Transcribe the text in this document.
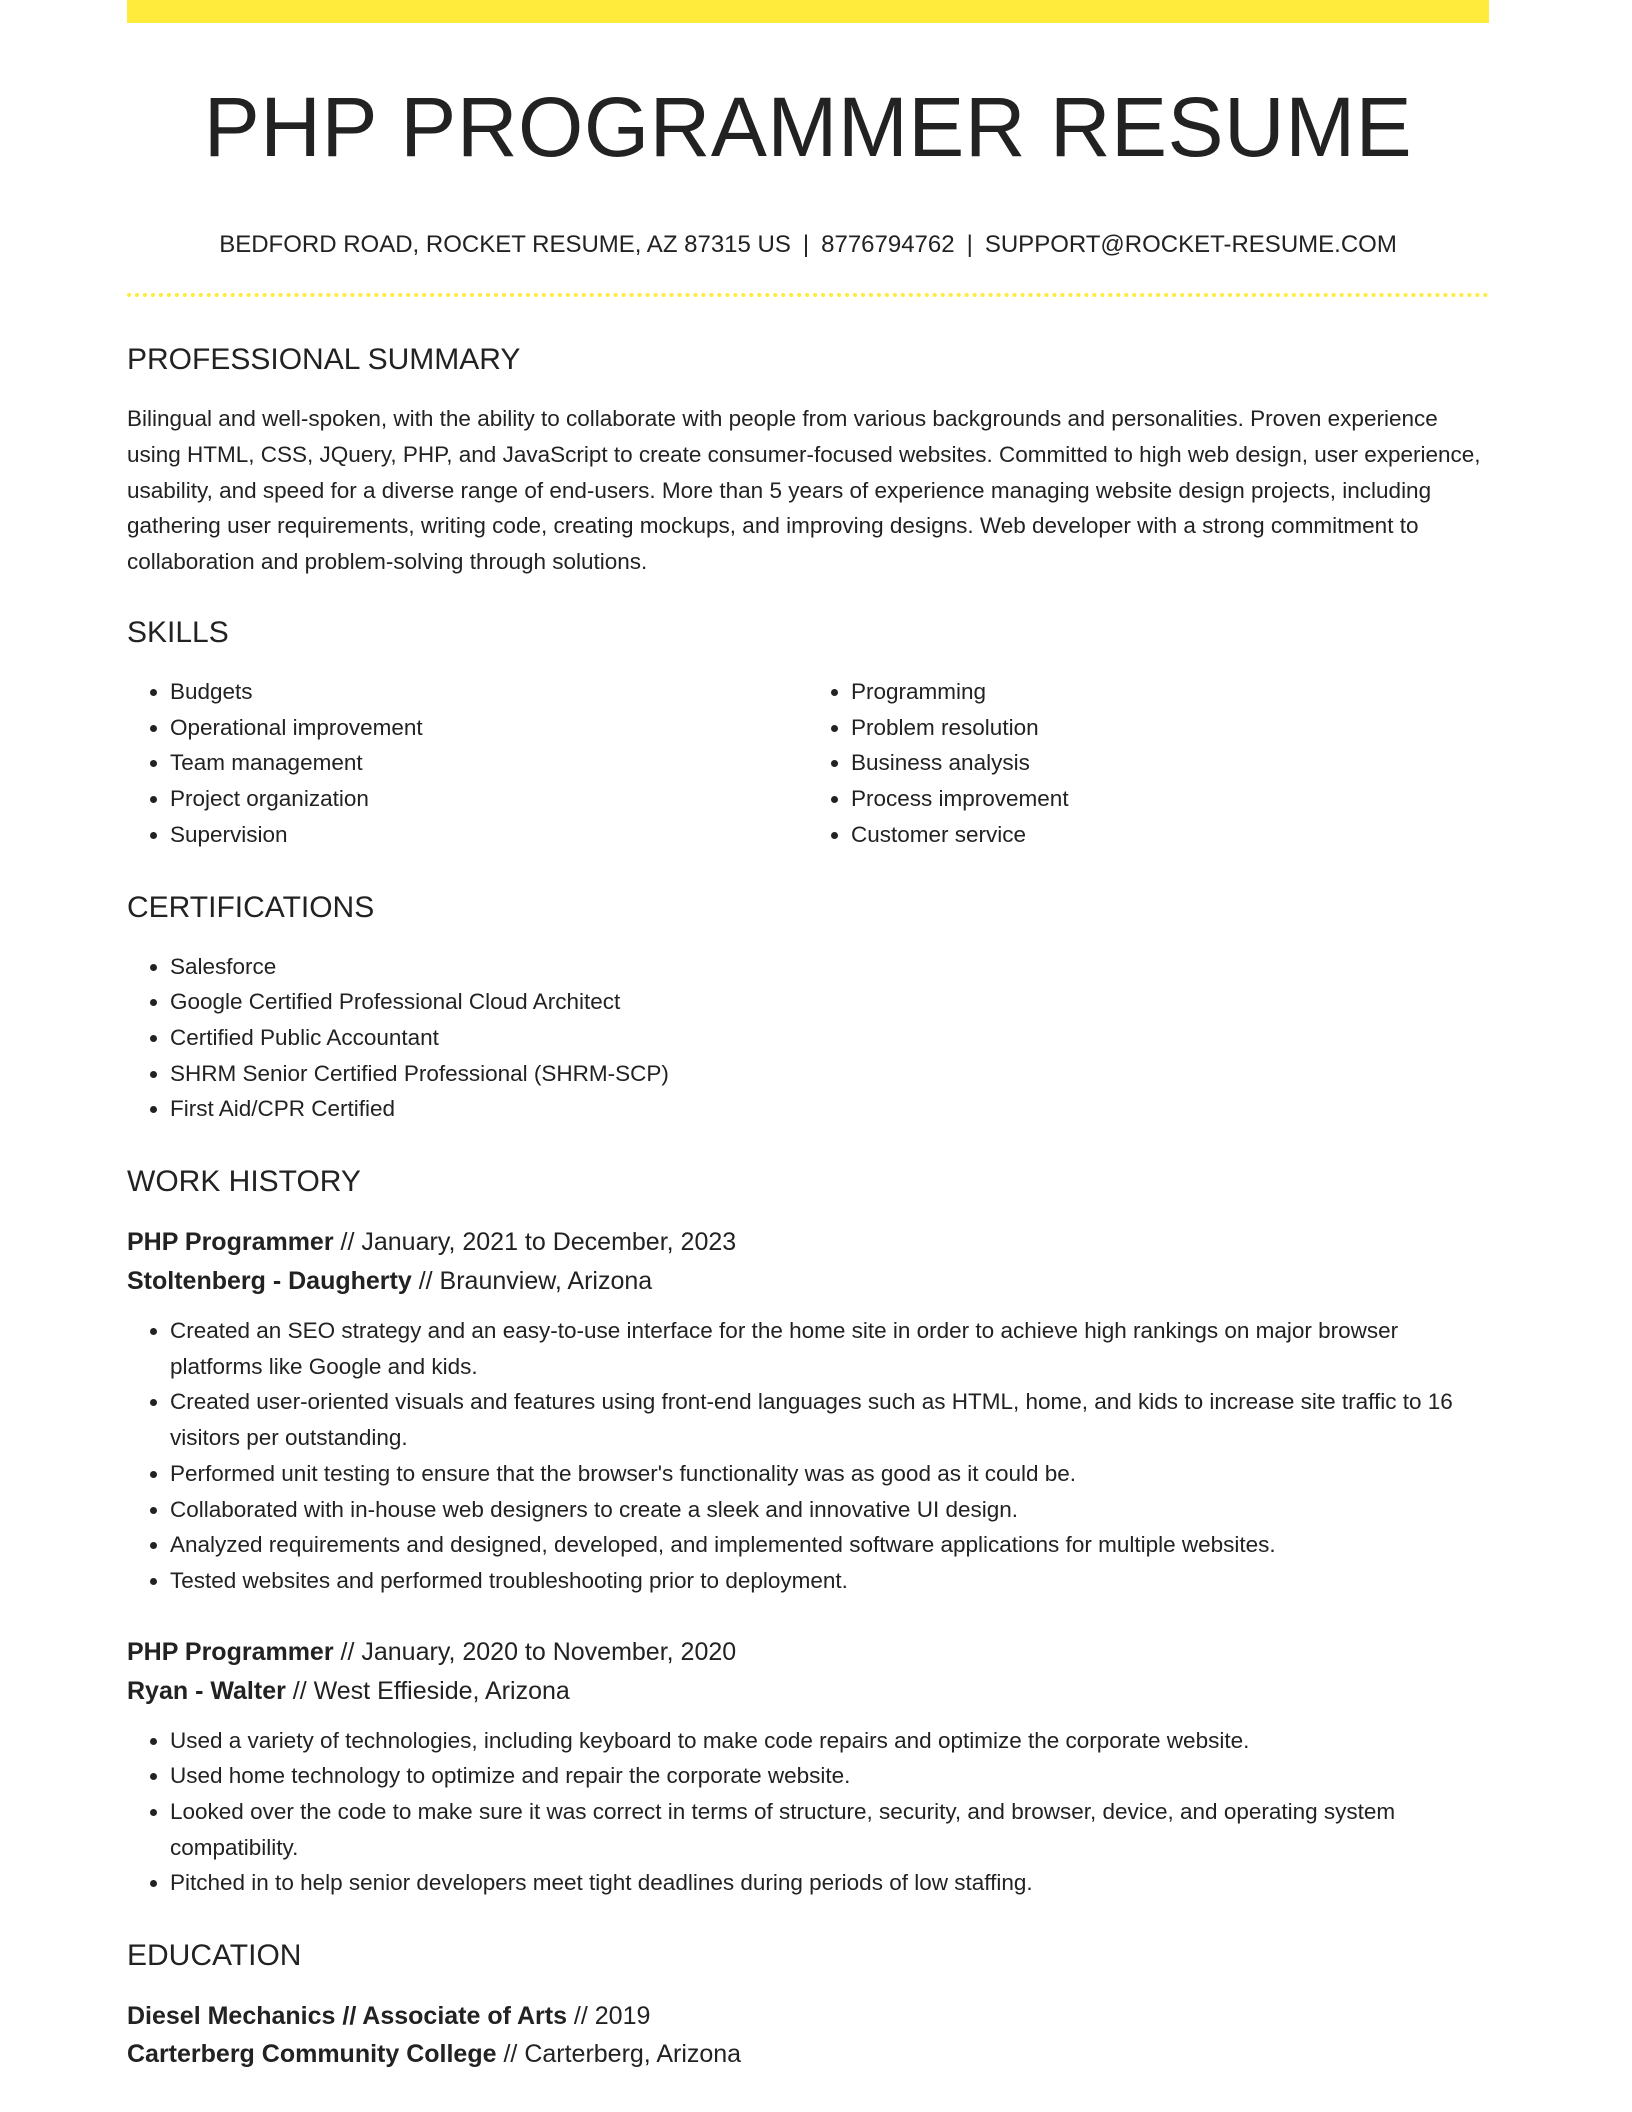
PHP PROGRAMMER RESUME
BEDFORD ROAD, ROCKET RESUME, AZ 87315 US | 8776794762 | SUPPORT@ROCKET-RESUME.COM
PROFESSIONAL SUMMARY

Bilingual and well-spoken, with the ability to collaborate with people from various backgrounds and personalities. Proven experience using HTML, CSS, JQuery, PHP, and JavaScript to create consumer-focused websites. Committed to high web design, user experience, usability, and speed for a diverse range of end-users. More than 5 years of experience managing website design projects, including gathering user requirements, writing code, creating mockups, and improving designs. Web developer with a strong commitment to collaboration and problem-solving through solutions.

SKILLS
• Budgets
• Operational improvement
• Team management
• Project organization
• Supervision
• Programming
• Problem resolution
• Business analysis
• Process improvement
• Customer service
CERTIFICATIONS
• Salesforce
• Google Certified Professional Cloud Architect
• Certified Public Accountant
• SHRM Senior Certified Professional (SHRM-SCP)
• First Aid/CPR Certified
WORK HISTORY
PHP Programmer // January, 2021 to December, 2023
Stoltenberg - Daugherty // Braunview, Arizona
• Created an SEO strategy and an easy-to-use interface for the home site in order to achieve high rankings on major browser platforms like Google and kids.
• Created user-oriented visuals and features using front-end languages such as HTML, home, and kids to increase site traffic to 16 visitors per outstanding.
• Performed unit testing to ensure that the browser's functionality was as good as it could be.
• Collaborated with in-house web designers to create a sleek and innovative UI design.
• Analyzed requirements and designed, developed, and implemented software applications for multiple websites.
• Tested websites and performed troubleshooting prior to deployment.
PHP Programmer // January, 2020 to November, 2020
Ryan - Walter // West Effieside, Arizona
• Used a variety of technologies, including keyboard to make code repairs and optimize the corporate website.
• Used home technology to optimize and repair the corporate website.
• Looked over the code to make sure it was correct in terms of structure, security, and browser, device, and operating system compatibility.
• Pitched in to help senior developers meet tight deadlines during periods of low staffing.
EDUCATION
Diesel Mechanics // Associate of Arts // 2019
Carterberg Community College // Carterberg, Arizona
